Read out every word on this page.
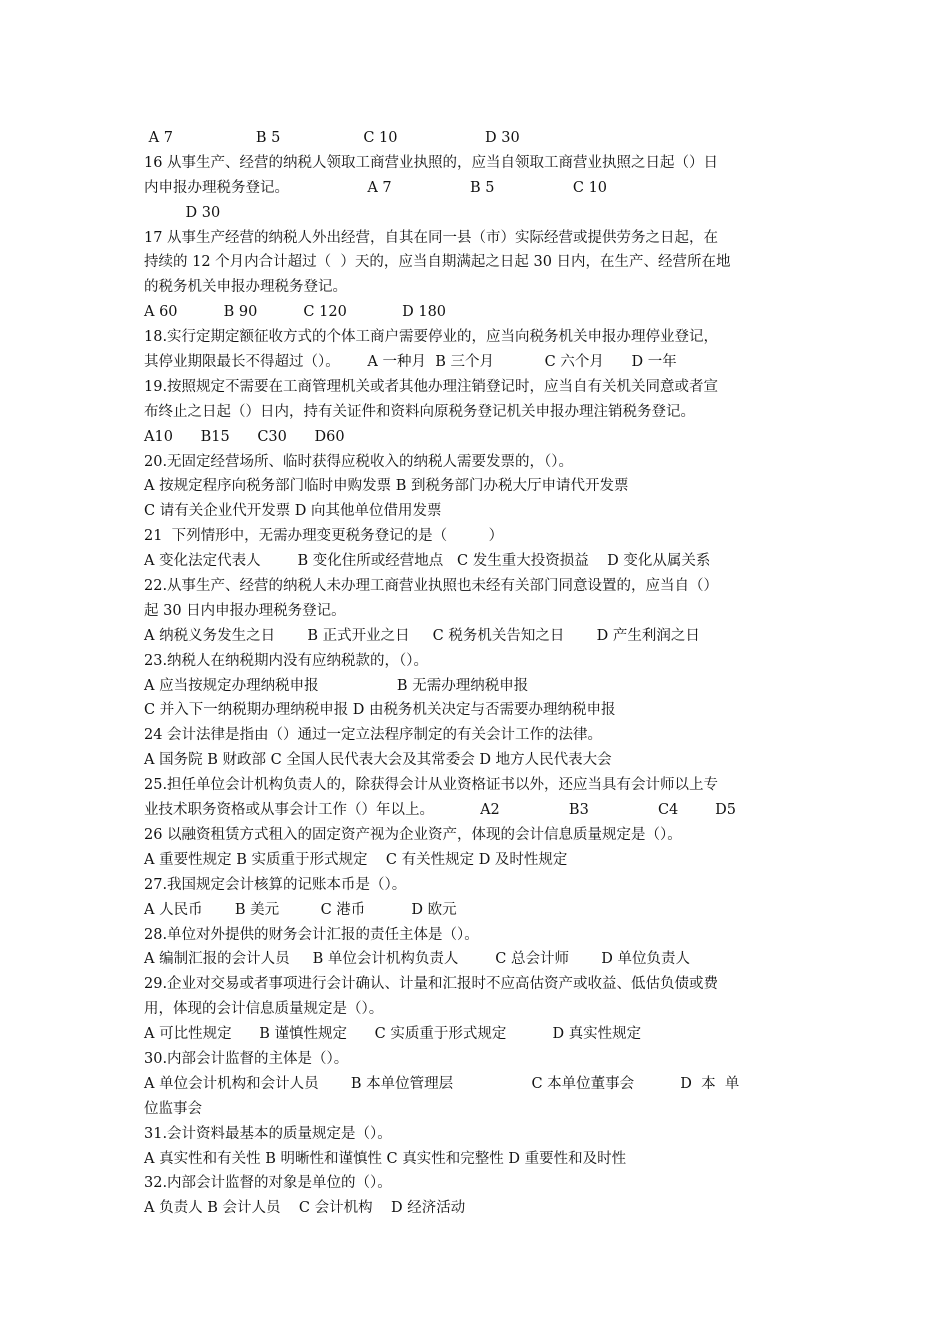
A 7                  B 5                  C 10                   D 30
16 从事生产、经营的纳税人领取工商营业执照的，应当自领取工商营业执照之日起（）日
内申报办理税务登记。                 A 7                 B 5                 C 10
D 30
17 从事生产经营的纳税人外出经营，自其在同一县（市）实际经营或提供劳务之日起，在
持续的 12 个月内合计超过（  ）天的，应当自期满起之日起 30 日内，在生产、经营所在地
的税务机关申报办理税务登记。
A 60          B 90          C 120            D 180
18.实行定期定额征收方式的个体工商户需要停业的，应当向税务机关申报办理停业登记，
其停业期限最长不得超过（）。      A 一种月  B 三个月           C 六个月      D 一年
19.按照规定不需要在工商管理机关或者其他办理注销登记时，应当自有关机关同意或者宣
布终止之日起（）日内，持有关证件和资料向原税务登记机关申报办理注销税务登记。
A10      B15      C30      D60
20.无固定经营场所、临时获得应税收入的纳税人需要发票的，（）。
A 按规定程序向税务部门临时申购发票 B 到税务部门办税大厅申请代开发票
C 请有关企业代开发票 D 向其他单位借用发票
21  下列情形中，无需办理变更税务登记的是（         ）
A 变化法定代表人        B 变化住所或经营地点   C 发生重大投资损益    D 变化从属关系
22.从事生产、经营的纳税人未办理工商营业执照也未经有关部门同意设置的，应当自（）
起 30 日内申报办理税务登记。
A 纳税义务发生之日       B 正式开业之日     C 税务机关告知之日       D 产生利润之日
23.纳税人在纳税期内没有应纳税款的，（）。
A 应当按规定办理纳税申报                 B 无需办理纳税申报
C 并入下一纳税期办理纳税申报 D 由税务机关决定与否需要办理纳税申报
24 会计法律是指由（）通过一定立法程序制定的有关会计工作的法律。
A 国务院 B 财政部 C 全国人民代表大会及其常委会 D 地方人民代表大会
25.担任单位会计机构负责人的，除获得会计从业资格证书以外，还应当具有会计师以上专
业技术职务资格或从事会计工作（）年以上。          A2               B3               C4        D5
26 以融资租赁方式租入的固定资产视为企业资产，体现的会计信息质量规定是（）。
A 重要性规定 B 实质重于形式规定    C 有关性规定 D 及时性规定
27.我国规定会计核算的记账本币是（）。
A 人民币       B 美元         C 港币          D 欧元
28.单位对外提供的财务会计汇报的责任主体是（）。
A 编制汇报的会计人员     B 单位会计机构负责人        C 总会计师       D 单位负责人
29.企业对交易或者事项进行会计确认、计量和汇报时不应高估资产或收益、低估负债或费
用，体现的会计信息质量规定是（）。
A 可比性规定      B 谨慎性规定      C 实质重于形式规定          D 真实性规定
30.内部会计监督的主体是（）。
A 单位会计机构和会计人员       B 本单位管理层                 C 本单位董事会          D  本  单
位监事会
31.会计资料最基本的质量规定是（）。
A 真实性和有关性 B 明晰性和谨慎性 C 真实性和完整性 D 重要性和及时性
32.内部会计监督的对象是单位的（）。
A 负责人 B 会计人员    C 会计机构    D 经济活动
